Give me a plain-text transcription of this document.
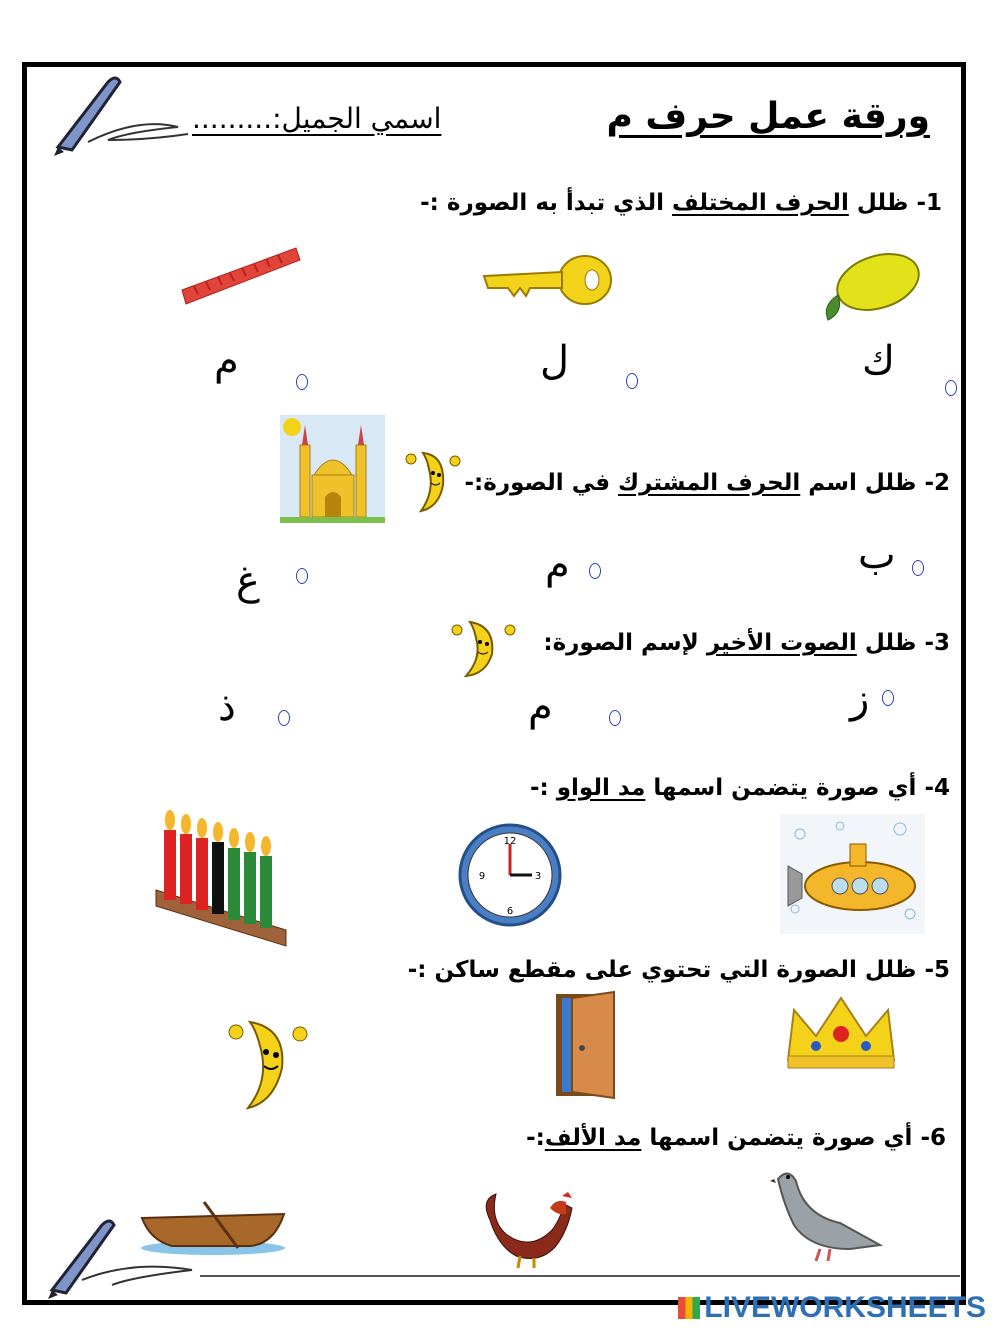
ورقة عمل حرف م
اسمي الجميل:.........
1- ظلل الحرف المختلف الذي تبدأ به الصورة :-
ك
ل
م
2- ظلل اسم الحرف المشترك في الصورة:-
ب
م
غ
3- ظلل الصوت الأخير لإسم الصورة:
ز
م
ذ
4- أي صورة يتضمن اسمها مد الواو :-
12
3
6
9
5- ظلل الصورة التي تحتوي على مقطع ساكن :-
6- أي صورة يتضمن اسمها مد الألف:-
LIVEWORKSHEETS
